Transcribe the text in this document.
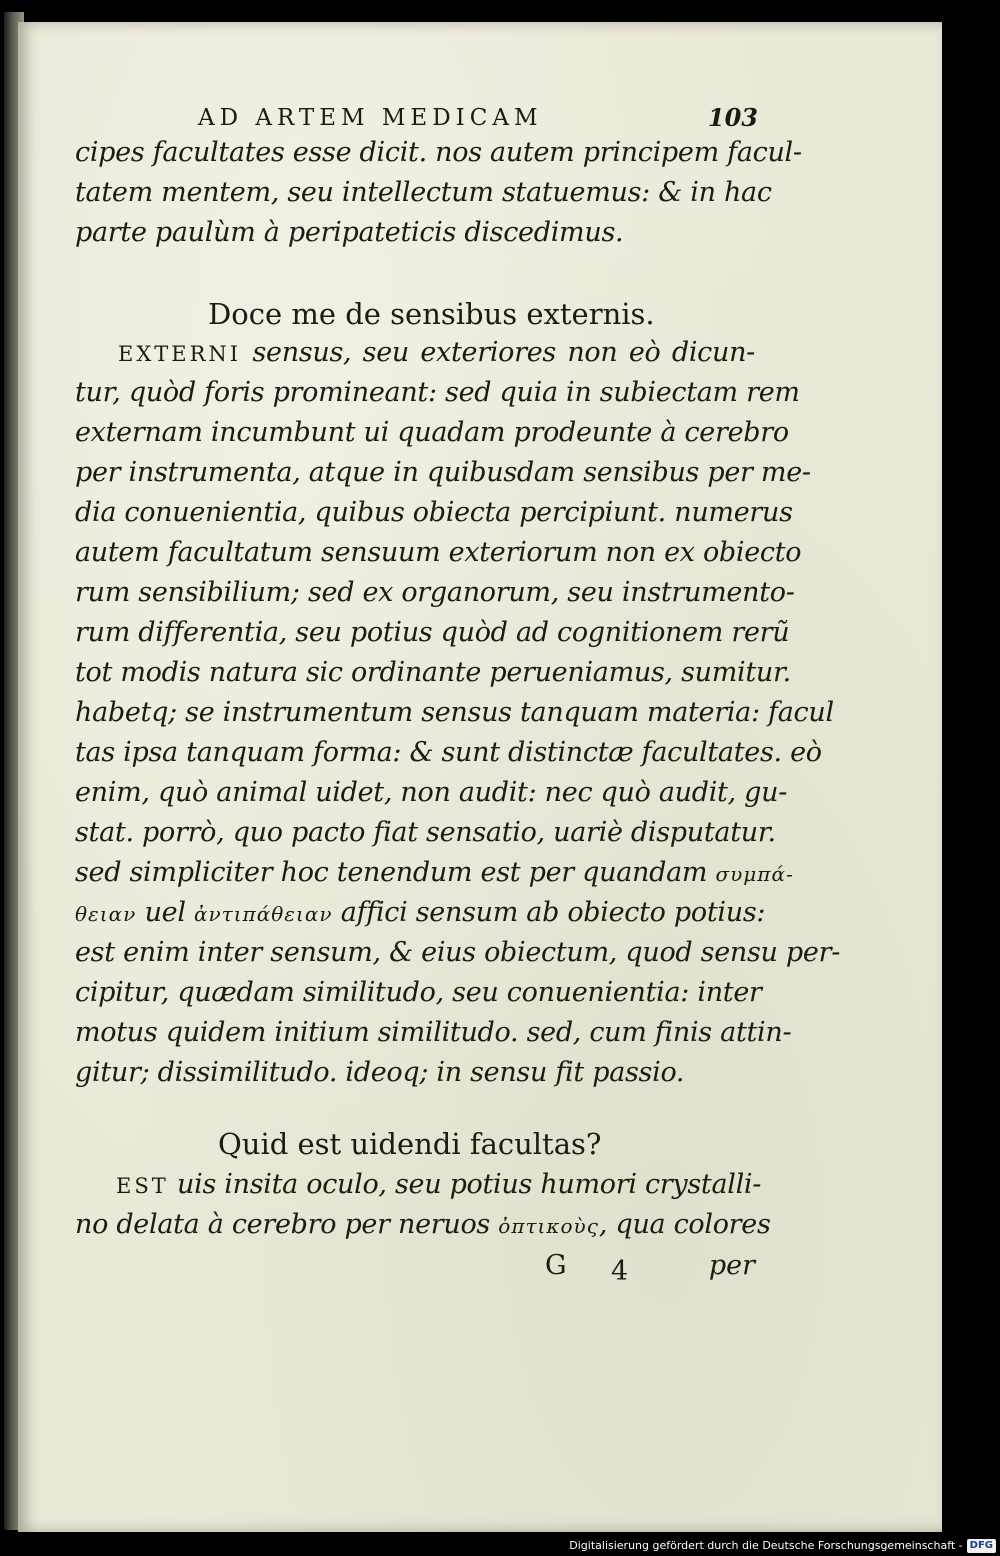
AD ARTEM MEDICAM	103

cipes facultates esse dicit. nos autem principem facul-

tatem mentem, seu intellectum statuemus: & in hac

parte paulùm à peripateticis discedimus.

Doce me de sensibus externis.

EXTERNI sensus, seu exteriores non eò dicun-

tur, quòd foris promineant: sed quia in subiectam rem

externam incumbunt ui quadam prodeunte à cerebro

per instrumenta, atque in quibusdam sensibus per me-

dia conuenientia, quibus obiecta percipiunt. numerus

autem facultatum sensuum exteriorum non ex obiecto

rum sensibilium; sed ex organorum, seu instrumento-

rum differentia, seu potius quòd ad cognitionem rerũ

tot modis natura sic ordinante perueniamus, sumitur.

habetq; se instrumentum sensus tanquam materia: facul

tas ipsa tanquam forma: & sunt distinctæ facultates. eò

enim, quò animal uidet, non audit: nec quò audit, gu-

stat. porrò, quo pacto fiat sensatio, uariè disputatur.

sed simpliciter hoc tenendum est per quandam συμπά-

θειαν uel ἀντιπάθειαν affici sensum ab obiecto potius:

est enim inter sensum, & eius obiectum, quod sensu per-

cipitur, quædam similitudo, seu conuenientia: inter

motus quidem initium similitudo. sed, cum finis attin-

gitur; dissimilitudo. ideoq; in sensu fit passio.

Quid est uidendi facultas?

EST uis insita oculo, seu potius humori crystalli-

no delata à cerebro per neruos ὀπτικοὺς, qua colores

G 4	per
Digitalisierung gefördert durch die Deutsche Forschungsgemeinschaft - DFG
